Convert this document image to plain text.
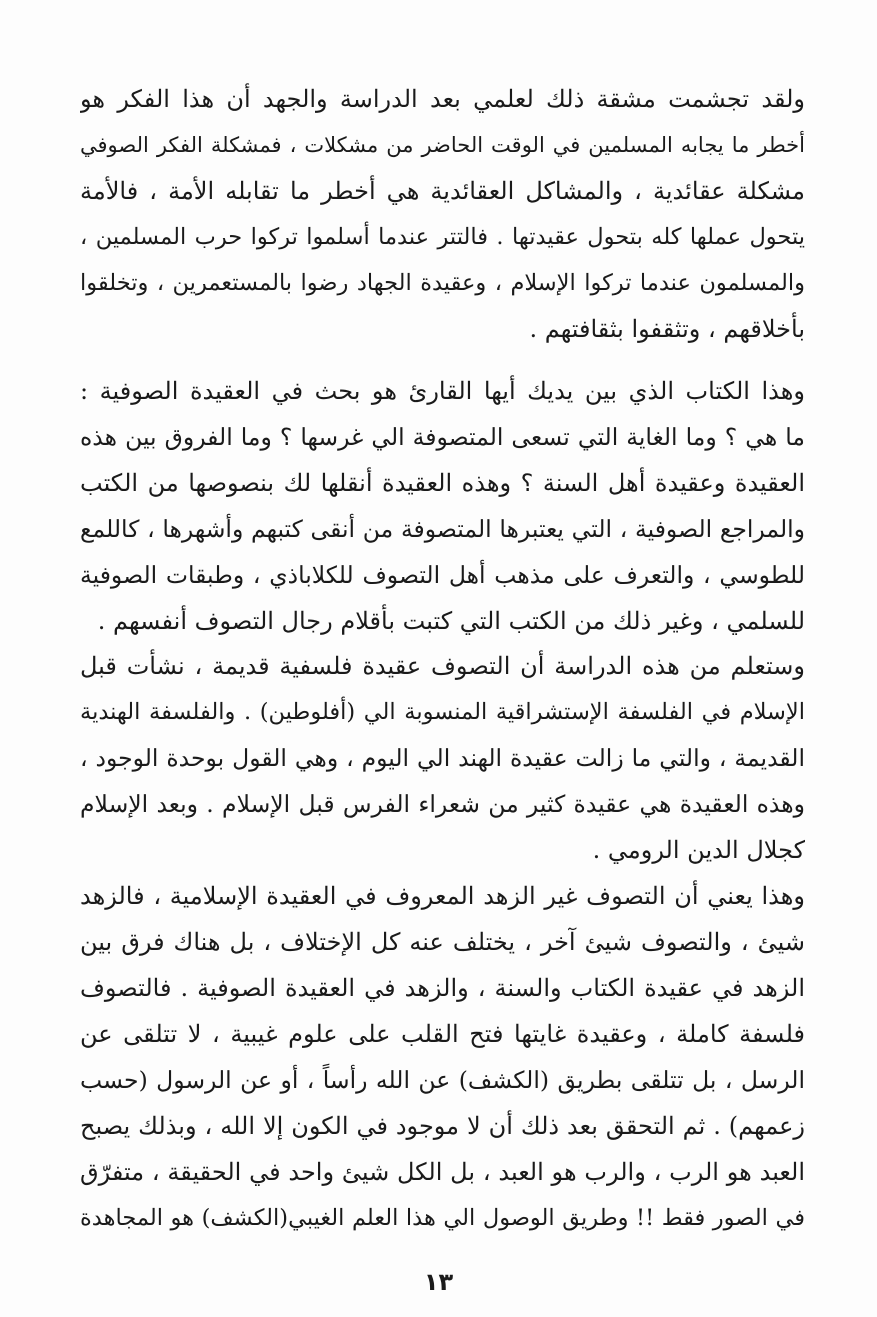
ولقد تجشمت مشقة ذلك لعلمي بعد الدراسة والجهد أن هذا الفكر هو
أخطر ما يجابه المسلمين في الوقت الحاضر من مشكلات ، فمشكلة الفكر الصوفي
مشكلة عقائدية ، والمشاكل العقائدية هي أخطر ما تقابله الأمة ، فالأمة
يتحول عملها كله بتحول عقيدتها . فالتتر عندما أسلموا تركوا حرب المسلمين ،
والمسلمون عندما تركوا الإسلام ، وعقيدة الجهاد رضوا بالمستعمرين ، وتخلقوا
بأخلاقهم ، وتثقفوا بثقافتهم .
وهذا الكتاب الذي بين يديك أيها القارئ هو بحث في العقيدة الصوفية :
ما هي ؟ وما الغاية التي تسعى المتصوفة الي غرسها ؟ وما الفروق بين هذه
العقيدة وعقيدة أهل السنة ؟ وهذه العقيدة أنقلها لك بنصوصها من الكتب
والمراجع الصوفية ، التي يعتبرها المتصوفة من أنقى كتبهم وأشهرها ، كاللمع
للطوسي ، والتعرف على مذهب أهل التصوف للكلاباذي ، وطبقات الصوفية
للسلمي ، وغير ذلك من الكتب التي كتبت بأقلام رجال التصوف أنفسهم .
وستعلم من هذه الدراسة أن التصوف عقيدة فلسفية قديمة ، نشأت قبل
الإسلام في الفلسفة الإستشراقية المنسوبة الي (أفلوطين) . والفلسفة الهندية
القديمة ، والتي ما زالت عقيدة الهند الي اليوم ، وهي القول بوحدة الوجود ،
وهذه العقيدة هي عقيدة كثير من شعراء الفرس قبل الإسلام . وبعد الإسلام
كجلال الدين الرومي .
وهذا يعني أن التصوف غير الزهد المعروف في العقيدة الإسلامية ، فالزهد
شيئ ، والتصوف شيئ آخر ، يختلف عنه كل الإختلاف ، بل هناك فرق بين
الزهد في عقيدة الكتاب والسنة ، والزهد في العقيدة الصوفية . فالتصوف
فلسفة كاملة ، وعقيدة غايتها فتح القلب على علوم غيبية ، لا تتلقى عن
الرسل ، بل تتلقى بطريق (الكشف) عن الله رأساً ، أو عن الرسول (حسب
زعمهم) . ثم التحقق بعد ذلك أن لا موجود في الكون إلا الله ، وبذلك يصبح
العبد هو الرب ، والرب هو العبد ، بل الكل شيئ واحد في الحقيقة ، متفرّق
في الصور فقط !! وطريق الوصول الي هذا العلم الغيبي(الكشف) هو المجاهدة
١٣
